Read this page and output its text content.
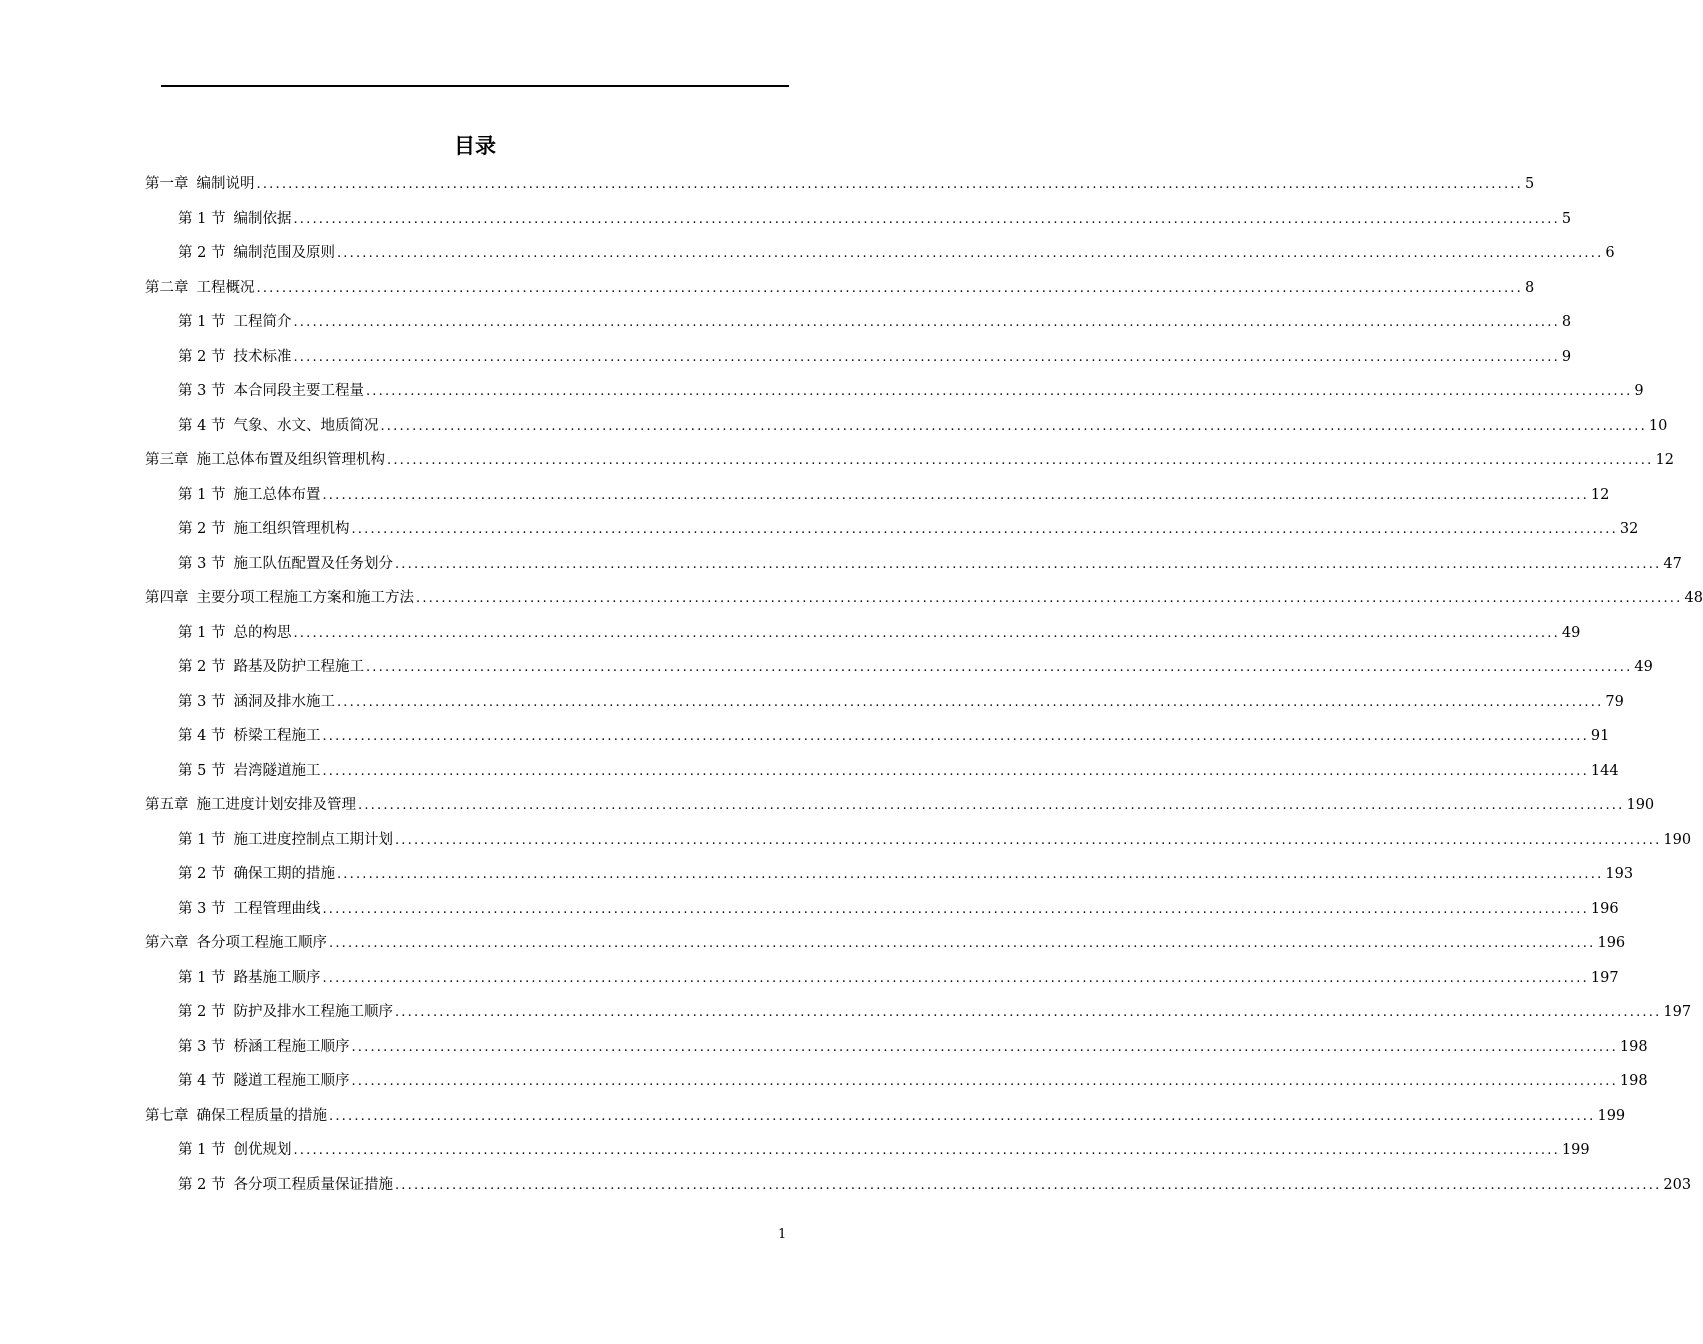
目录
第一章 编制说明 ........................................................................................................................................................................................................ 5
第 1 节 编制依据 ........................................................................................................................................................................................................ 5
第 2 节 编制范围及原则 ........................................................................................................................................................................................................ 6
第二章 工程概况 ........................................................................................................................................................................................................ 8
第 1 节 工程简介 ........................................................................................................................................................................................................ 8
第 2 节 技术标准 ........................................................................................................................................................................................................ 9
第 3 节 本合同段主要工程量 ........................................................................................................................................................................................................ 9
第 4 节 气象、水文、地质简况 ........................................................................................................................................................................................................ 10
第三章 施工总体布置及组织管理机构 ........................................................................................................................................................................................................ 12
第 1 节 施工总体布置 ........................................................................................................................................................................................................ 12
第 2 节 施工组织管理机构 ........................................................................................................................................................................................................ 32
第 3 节 施工队伍配置及任务划分 ........................................................................................................................................................................................................ 47
第四章 主要分项工程施工方案和施工方法 ........................................................................................................................................................................................................ 48
第 1 节 总的构思 ........................................................................................................................................................................................................ 49
第 2 节 路基及防护工程施工 ........................................................................................................................................................................................................ 49
第 3 节 涵洞及排水施工 ........................................................................................................................................................................................................ 79
第 4 节 桥梁工程施工 ........................................................................................................................................................................................................ 91
第 5 节 岩湾隧道施工 ........................................................................................................................................................................................................ 144
第五章 施工进度计划安排及管理 ........................................................................................................................................................................................................ 190
第 1 节 施工进度控制点工期计划 ........................................................................................................................................................................................................ 190
第 2 节 确保工期的措施 ........................................................................................................................................................................................................ 193
第 3 节 工程管理曲线 ........................................................................................................................................................................................................ 196
第六章 各分项工程施工顺序 ........................................................................................................................................................................................................ 196
第 1 节 路基施工顺序 ........................................................................................................................................................................................................ 197
第 2 节 防护及排水工程施工顺序 ........................................................................................................................................................................................................ 197
第 3 节 桥涵工程施工顺序 ........................................................................................................................................................................................................ 198
第 4 节 隧道工程施工顺序 ........................................................................................................................................................................................................ 198
第七章 确保工程质量的措施 ........................................................................................................................................................................................................ 199
第 1 节 创优规划 ........................................................................................................................................................................................................ 199
第 2 节 各分项工程质量保证措施 ........................................................................................................................................................................................................ 203
1
